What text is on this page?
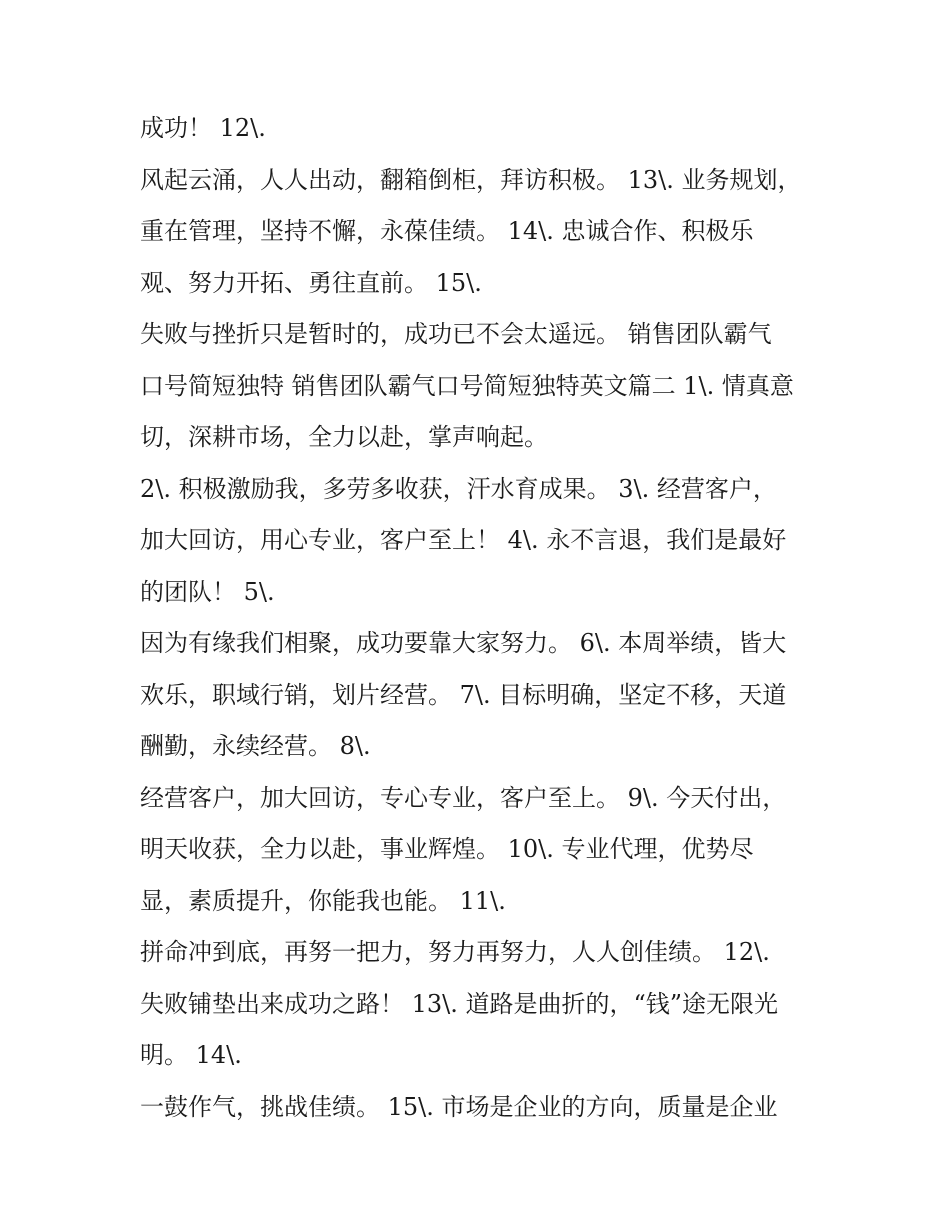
成功！ 12\.
风起云涌，人人出动，翻箱倒柜，拜访积极。 13\. 业务规划，
重在管理，坚持不懈，永葆佳绩。 14\. 忠诚合作、积极乐
观、努力开拓、勇往直前。 15\.
失败与挫折只是暂时的，成功已不会太遥远。 销售团队霸气
口号简短独特 销售团队霸气口号简短独特英文篇二 1\. 情真意
切，深耕市场，全力以赴，掌声响起。
2\. 积极激励我，多劳多收获，汗水育成果。 3\. 经营客户，
加大回访，用心专业，客户至上！ 4\. 永不言退，我们是最好
的团队！ 5\.
因为有缘我们相聚，成功要靠大家努力。 6\. 本周举绩，皆大
欢乐，职域行销，划片经营。 7\. 目标明确，坚定不移，天道
酬勤，永续经营。 8\.
经营客户，加大回访，专心专业，客户至上。 9\. 今天付出，
明天收获，全力以赴，事业辉煌。 10\. 专业代理，优势尽
显，素质提升，你能我也能。 11\.
拼命冲到底，再努一把力，努力再努力，人人创佳绩。 12\.
失败铺垫出来成功之路！ 13\. 道路是曲折的，“钱”途无限光
明。 14\.
一鼓作气，挑战佳绩。 15\. 市场是企业的方向，质量是企业
